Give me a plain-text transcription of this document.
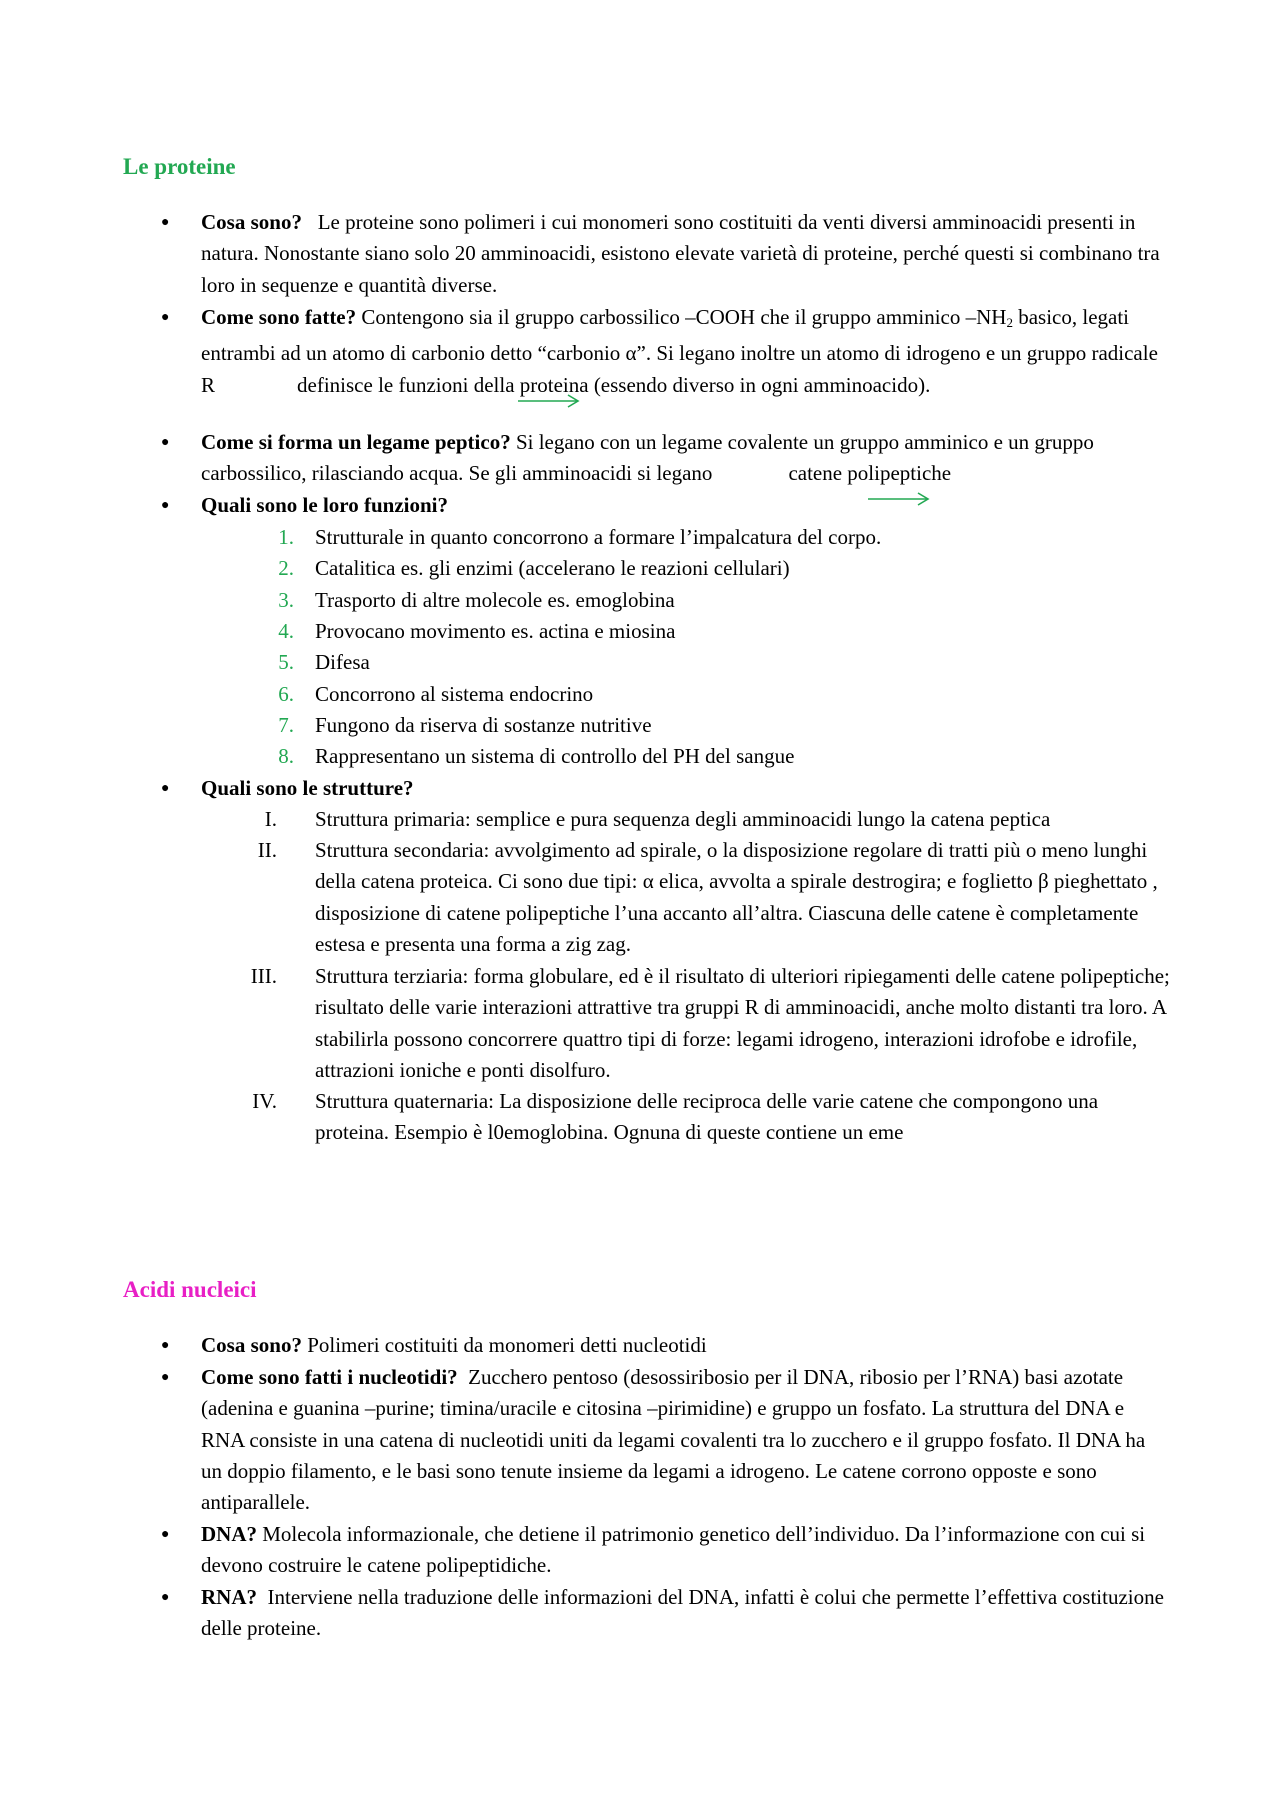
Le proteine
● Cosa sono?   Le proteine sono polimeri i cui monomeri sono costituiti da venti diversi amminoacidi presenti in natura. Nonostante siano solo 20 amminoacidi, esistono elevate varietà di proteine, perché questi si combinano tra loro in sequenze e quantità diverse.
● Come sono fatte? Contengono sia il gruppo carbossilico –COOH che il gruppo amminico $-NH_2$ basico, legati entrambi ad un atomo di carbonio detto “carbonio α”. Si legano inoltre un atomo di idrogeno e un gruppo radicale R	definisce le funzioni della proteina (essendo diverso in ogni amminoacido).
● Come si forma un legame peptico? Si legano con un legame covalente un gruppo amminico e un gruppo carbossilico, rilasciando acqua. Se gli amminoacidi si legano	catene polipeptiche
● Quali sono le loro funzioni?
1. Strutturale in quanto concorrono a formare l’impalcatura del corpo.
2. Catalitica es. gli enzimi (accelerano le reazioni cellulari)
3. Trasporto di altre molecole es. emoglobina
4. Provocano movimento es. actina e miosina
5. Difesa
6. Concorrono al sistema endocrino
7. Fungono da riserva di sostanze nutritive
8. Rappresentano un sistema di controllo del PH del sangue
● Quali sono le strutture?
I. Struttura primaria: semplice e pura sequenza degli amminoacidi lungo la catena peptica
II. Struttura secondaria: avvolgimento ad spirale, o la disposizione regolare di tratti più o meno lunghi della catena proteica. Ci sono due tipi: α elica, avvolta a spirale destrogira; e foglietto β pieghettato , disposizione di catene polipeptiche l’una accanto all’altra. Ciascuna delle catene è completamente estesa e presenta una forma a zig zag.
III. Struttura terziaria: forma globulare, ed è il risultato di ulteriori ripiegamenti delle catene polipeptiche; risultato delle varie interazioni attrattive tra gruppi R di amminoacidi, anche molto distanti tra loro. A stabilirla possono concorrere quattro tipi di forze: legami idrogeno, interazioni idrofobe e idrofile, attrazioni ioniche e ponti disolfuro.
IV. Struttura quaternaria: La disposizione delle reciproca delle varie catene che compongono una proteina. Esempio è l0emoglobina. Ognuna di queste contiene un eme
Acidi nucleici
● Cosa sono? Polimeri costituiti da monomeri detti nucleotidi
● Come sono fatti i nucleotidi?  Zucchero pentoso (desossiribosio per il DNA, ribosio per l’RNA) basi azotate (adenina e guanina –purine; timina/uracile e citosina –pirimidine) e gruppo un fosfato. La struttura del DNA e RNA consiste in una catena di nucleotidi uniti da legami covalenti tra lo zucchero e il gruppo fosfato. Il DNA ha un doppio filamento, e le basi sono tenute insieme da legami a idrogeno. Le catene corrono opposte e sono antiparallele.
● DNA? Molecola informazionale, che detiene il patrimonio genetico dell’individuo. Da l’informazione con cui si devono costruire le catene polipeptidiche.
● RNA?  Interviene nella traduzione delle informazioni del DNA, infatti è colui che permette l’effettiva costituzione delle proteine.
